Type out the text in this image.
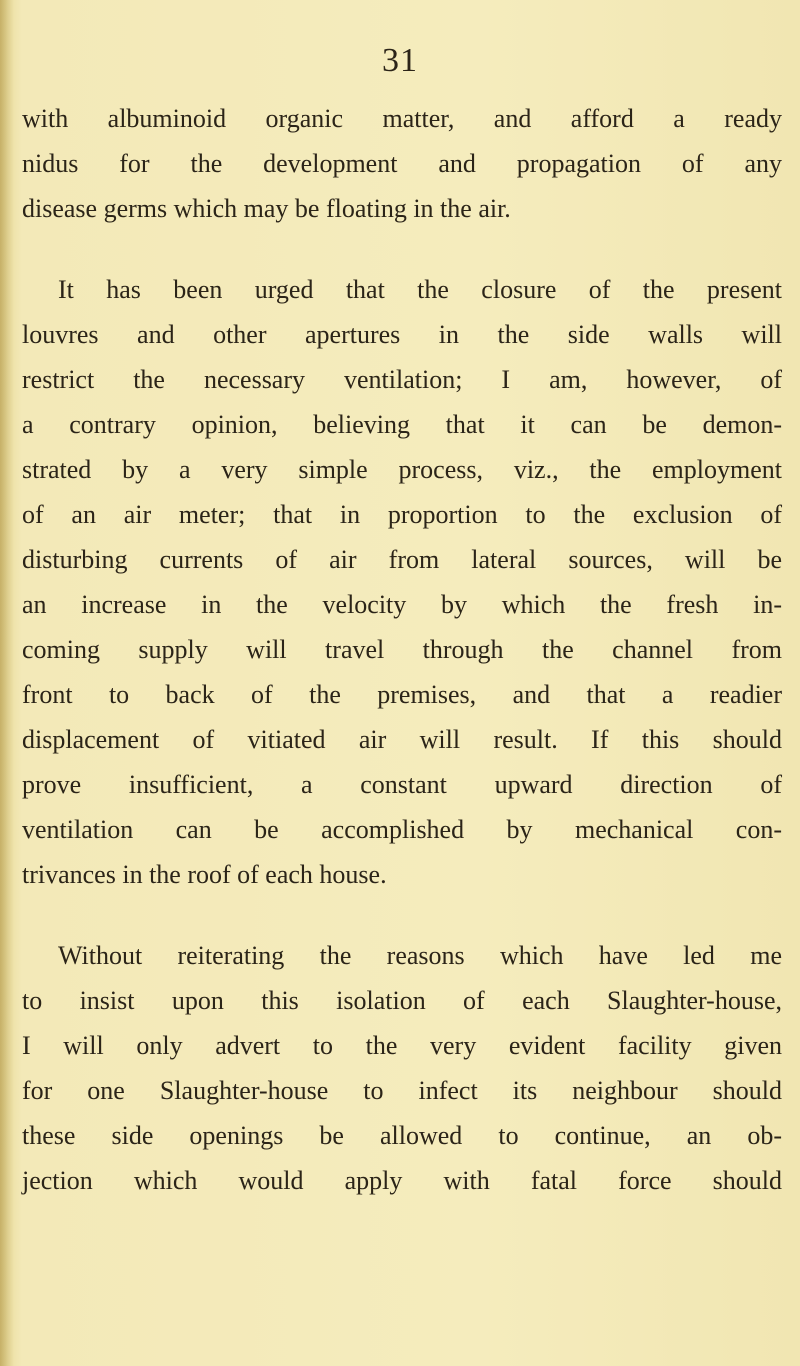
31
with albuminoid organic matter, and afford a ready
nidus for the development and propagation of any
disease germs which may be floating in the air.
It has been urged that the closure of the present
louvres and other apertures in the side walls will
restrict the necessary ventilation; I am, however, of
a contrary opinion, believing that it can be demon-
strated by a very simple process, viz., the employment
of an air meter; that in proportion to the exclusion of
disturbing currents of air from lateral sources, will be
an increase in the velocity by which the fresh in-
coming supply will travel through the channel from
front to back of the premises, and that a readier
displacement of vitiated air will result. If this should
prove insufficient, a constant upward direction of
ventilation can be accomplished by mechanical con-
trivances in the roof of each house.
Without reiterating the reasons which have led me
to insist upon this isolation of each Slaughter-house,
I will only advert to the very evident facility given
for one Slaughter-house to infect its neighbour should
these side openings be allowed to continue, an ob-
jection which would apply with fatal force should
